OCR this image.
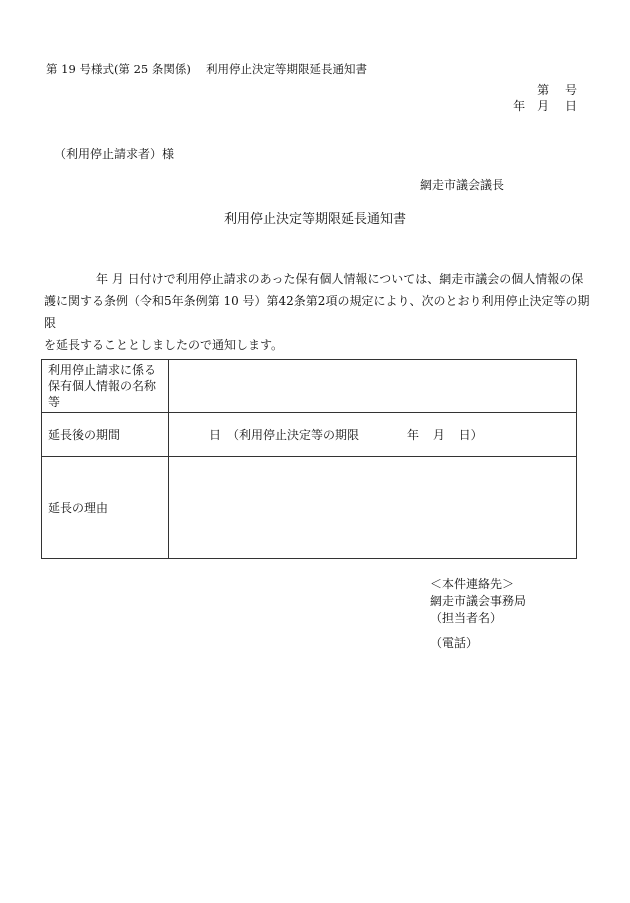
第 19 号様式(第 25 条関係)　 利用停止決定等期限延長通知書
第　 号
年　月　 日
（利用停止請求者）様
網走市議会議長
利用停止決定等期限延長通知書

年 月 日付けで利用停止請求のあった保有個人情報については、網走市議会の個人情報の保

護に関する条例（令和5年条例第 10 号）第42条第2項の規定により、次のとおり利用停止決定等の期限

を延長することとしましたので通知します。

利用停止請求に係る保有個人情報の名称等	
延長後の期間	日 （利用停止決定等の期限 年 月 日）

延長の理由	
＜本件連絡先＞
網走市議会事務局
（担当者名）
（電話）
